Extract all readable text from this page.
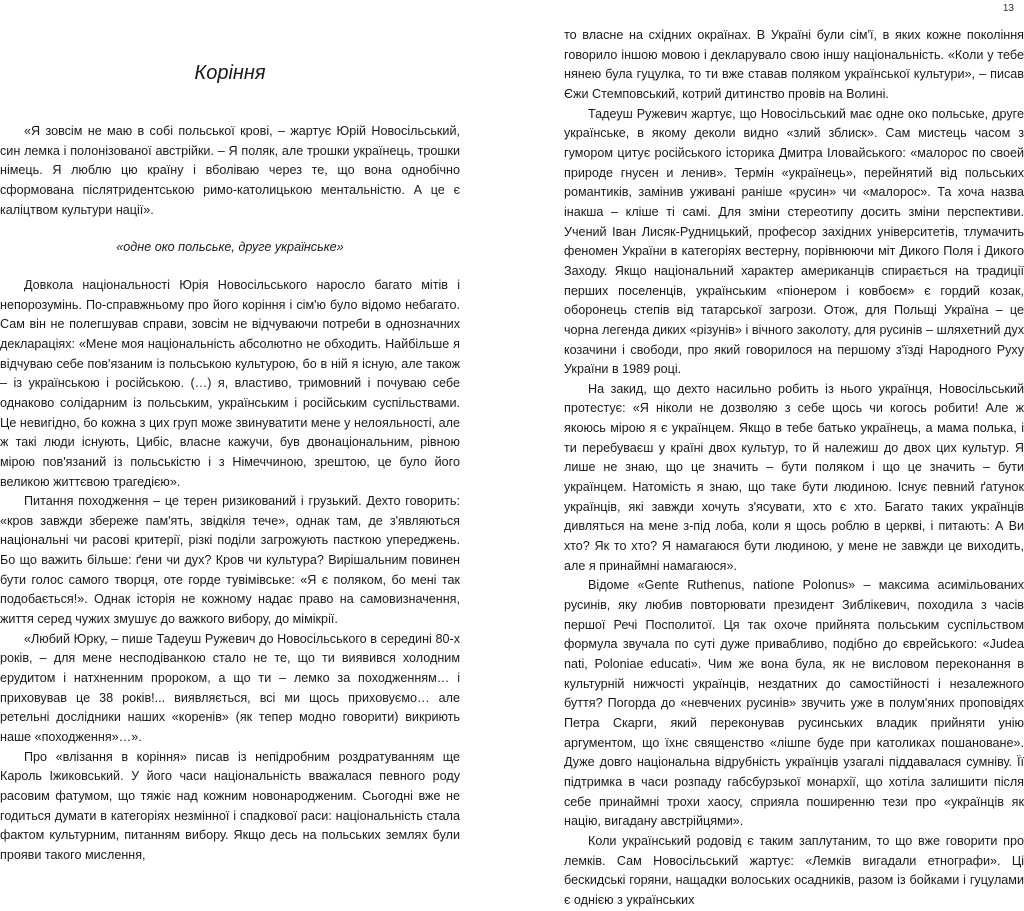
13
Коріння

«Я зовсім не маю в собі польської крові, – жартує Юрій Новосільський, син лемка і полонізованої австрійки. – Я поляк, але трошки українець, трошки німець. Я люблю цю країну і вболіваю через те, що вона однобічно сформована післятридентською римо-католицькою ментальністю. А це є каліцтвом культури нації».

«одне око польське, друге українське»

Довкола національності Юрія Новосільського наросло багато мітів і непорозумінь. По-справжньому про його коріння і сім'ю було відомо небагато. Сам він не полегшував справи, зовсім не відчуваючи потреби в однозначних деклараціях: «Мене моя національність абсолютно не обходить. Найбільше я відчуваю себе пов'язаним із польською культурою, бо в ній я існую, але також – із українською і російською. (…) я, властиво, тримовний і почуваю себе однаково солідарним із польським, українським і російським суспільствами. Це невигідно, бо кожна з цих груп може звинуватити мене у нелояльності, але ж такі люди існують, Цибіс, власне кажучи, був двонаціональним, рівною мірою пов'язаний із польськістю і з Німеччиною, зрештою, це було його великою життєвою трагедією».

Питання походження – це терен ризикований і грузький. Дехто говорить: «кров завжди збереже пам'ять, звідкіля тече», однак там, де з'являються національні чи расові критерії, різкі поділи загрожують пасткою упереджень. Бо що важить більше: ґени чи дух? Кров чи культура? Вирішальним повинен бути голос самого творця, оте горде тувімівське: «Я є поляком, бо мені так подобається!». Однак історія не кожному надає право на самовизначення, життя серед чужих змушує до важкого вибору, до мімікрії.

«Любий Юрку, – пише Тадеуш Ружевич до Новосільського в середині 80-х років, – для мене несподіванкою стало не те, що ти виявився холодним ерудитом і натхненним пророком, а що ти – лемко за походженням… і приховував це 38 років!... виявляється, всі ми щось приховуємо… але ретельні дослідники наших «коренів» (як тепер модно говорити) викриють наше «походження»…».

Про «влізання в коріння» писав із непідробним роздратуванням ще Кароль Іжиковський. У його часи національність вважалася певного роду расовим фатумом, що тяжіє над кожним новонародженим. Сьогодні вже не годиться думати в категоріях незмінної і спадкової раси: національність стала фактом культурним, питанням вибору. Якщо десь на польських землях були прояви такого мислення,

то власне на східних окраїнах. В Україні були сім'ї, в яких кожне покоління говорило іншою мовою і декларувало свою іншу національність. «Коли у тебе нянею була гуцулка, то ти вже ставав поляком української культури», – писав Єжи Стемповський, котрий дитинство провів на Волині.

Тадеуш Ружевич жартує, що Новосільський має одне око польське, друге українське, в якому деколи видно «злий зблиск». Сам мистець часом з гумором цитує російського історика Дмитра Іловайського: «малорос по своей природе гнусен и ленив». Термін «українець», перейнятий від польських романтиків, замінив уживані раніше «русин» чи «малорос». Та хоча назва інакша – кліше ті самі. Для зміни стереотипу досить зміни перспективи. Учений Іван Лисяк-Рудницький, професор західних університетів, тлумачить феномен України в категоріях вестерну, порівнюючи міт Дикого Поля і Дикого Заходу. Якщо національний характер американців спирається на традиції перших поселенців, українським «піонером і ковбоєм» є гордий козак, оборонець степів від татарської загрози. Отож, для Польщі Україна – це чорна легенда диких «різунів» і вічного заколоту, для русинів – шляхетний дух козачини і свободи, про який говорилося на першому з'їзді Народного Руху України в 1989 році.

На закид, що дехто насильно робить із нього українця, Новосільський протестує: «Я ніколи не дозволяю з себе щось чи когось робити! Але ж якоюсь мірою я є українцем. Якщо в тебе батько українець, а мама полька, і ти перебуваєш у країні двох культур, то й належиш до двох цих культур. Я лише не знаю, що це значить – бути поляком і що це значить – бути українцем. Натомість я знаю, що таке бути людиною. Існує певний ґатунок українців, які завжди хочуть з'ясувати, хто є хто. Багато таких українців дивляться на мене з-під лоба, коли я щось роблю в церкві, і питають: А Ви хто? Як то хто? Я намагаюся бути людиною, у мене не завжди це виходить, але я принаймні намагаюся».

Відоме «Gente Ruthenus, natione Polonus» – максима асимільованих русинів, яку любив повторювати президент Зиблікевич, походила з часів першої Речі Посполитої. Ця так охоче прийнята польським суспільством формула звучала по суті дуже привабливо, подібно до єврейського: «Judea nati, Poloniae educati». Чим же вона була, як не висловом переконання в культурній нижчості українців, нездатних до самостійності і незалежного буття? Погорда до «невчених русинів» звучить уже в полум'яних проповідях Петра Скарги, який переконував русинських владик прийняти унію аргументом, що їхнє священство «лішпе буде при католиках пошановане». Дуже довго національна відрубність українців узагалі піддавалася сумніву. Її підтримка в часи розпаду габсбурзької монархії, що хотіла залишити після себе принаймні трохи хаосу, сприяла поширенню тези про «українців як націю, вигадану австрійцями».

Коли український родовід є таким заплутаним, то що вже говорити про лемків. Сам Новосільський жартує: «Лемків вигадали етнографи». Ці бескидські горяни, нащадки волоських осадників, разом із бойками і гуцулами є однією з українських
